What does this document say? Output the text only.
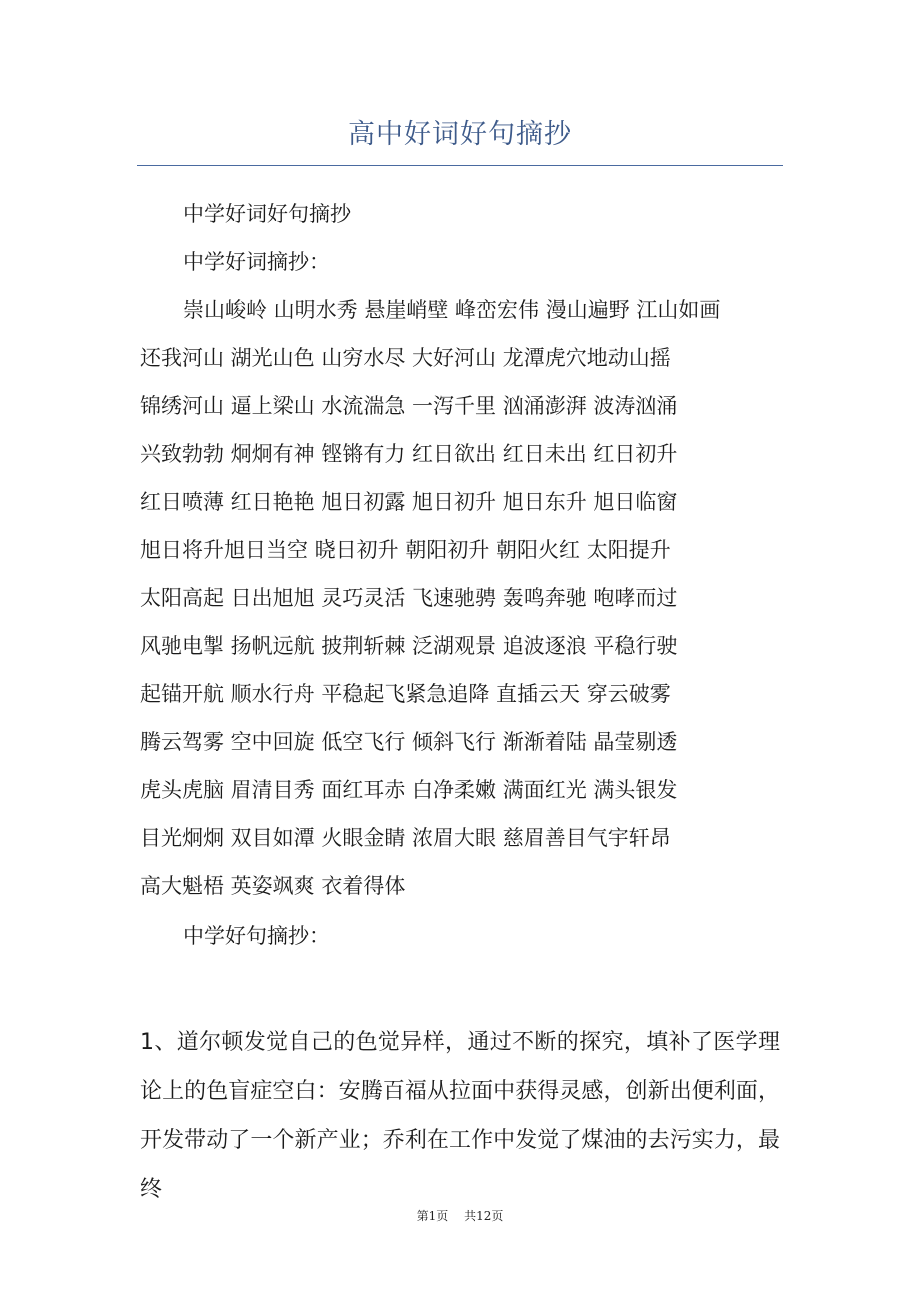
高中好词好句摘抄
中学好词好句摘抄
中学好词摘抄：
崇山峻岭 山明水秀 悬崖峭壁 峰峦宏伟 漫山遍野 江山如画
还我河山 湖光山色 山穷水尽 大好河山 龙潭虎穴地动山摇
锦绣河山 逼上梁山 水流湍急 一泻千里 汹涌澎湃 波涛汹涌
兴致勃勃 炯炯有神 铿锵有力 红日欲出 红日未出 红日初升
红日喷薄 红日艳艳 旭日初露 旭日初升 旭日东升 旭日临窗
旭日将升旭日当空 晓日初升 朝阳初升 朝阳火红 太阳提升
太阳高起 日出旭旭 灵巧灵活 飞速驰骋 轰鸣奔驰 咆哮而过
风驰电掣 扬帆远航 披荆斩棘 泛湖观景 追波逐浪 平稳行驶
起锚开航 顺水行舟 平稳起飞紧急追降 直插云天 穿云破雾
腾云驾雾 空中回旋 低空飞行 倾斜飞行 渐渐着陆 晶莹剔透
虎头虎脑 眉清目秀 面红耳赤 白净柔嫩 满面红光 满头银发
目光炯炯 双目如潭 火眼金睛 浓眉大眼 慈眉善目气宇轩昂
高大魁梧 英姿飒爽 衣着得体
中学好句摘抄：

1、道尔顿发觉自己的色觉异样，通过不断的探究，填补了医学理论上的色盲症空白：安腾百福从拉面中获得灵感，创新出便利面，开发带动了一个新产业；乔利在工作中发觉了煤油的去污实力，最终

第1页 共12页
